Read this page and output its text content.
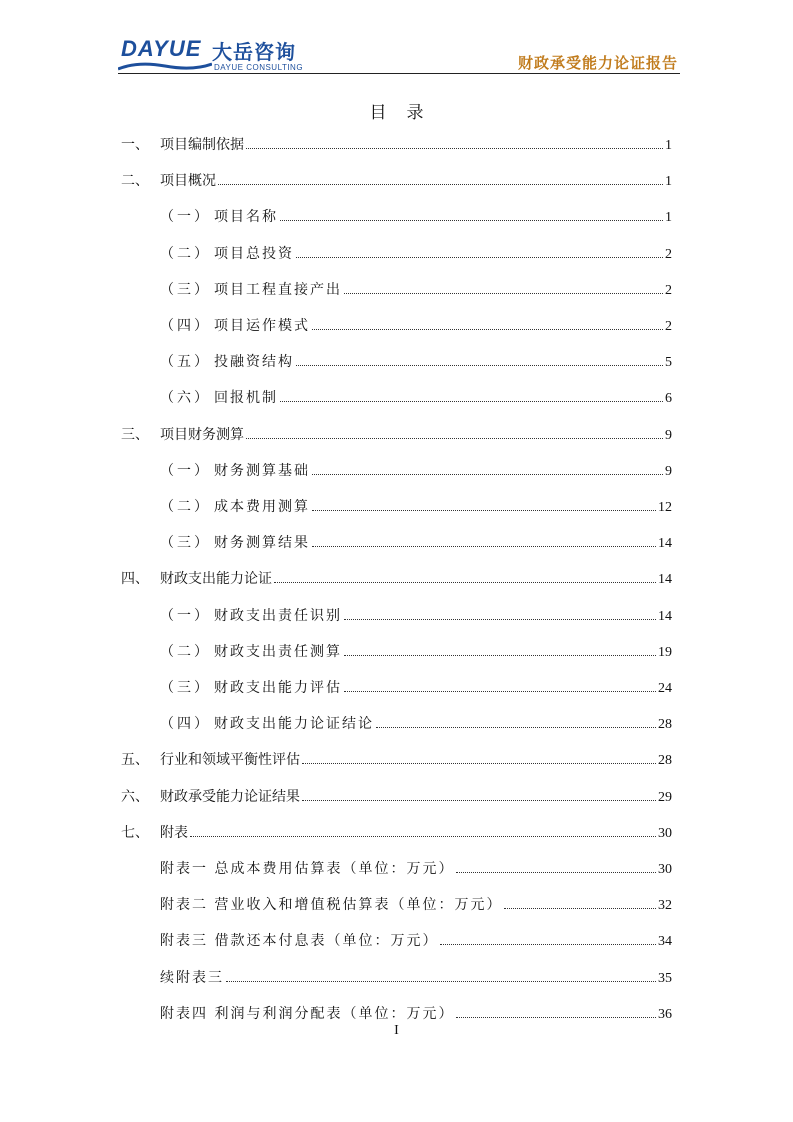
DAYUE 大岳咨询
DAYUE CONSULTING	财政承受能力论证报告
目录
一、 项目编制依据	1
二、 项目概况	1
（一） 项目名称	1
（二） 项目总投资	2
（三） 项目工程直接产出	2
（四） 项目运作模式	2
（五） 投融资结构	5
（六） 回报机制	6
三、 项目财务测算	9
（一） 财务测算基础	9
（二） 成本费用测算	12
（三） 财务测算结果	14
四、 财政支出能力论证	14
（一） 财政支出责任识别	14
（二） 财政支出责任测算	19
（三） 财政支出能力评估	24
（四） 财政支出能力论证结论	28
五、 行业和领域平衡性评估	28
六、 财政承受能力论证结果	29
七、 附表	30
附表一 总成本费用估算表（单位：万元）	30
附表二 营业收入和增值税估算表（单位：万元）	32
附表三 借款还本付息表（单位：万元）	34
续附表三	35
附表四 利润与利润分配表（单位：万元）	36
I
